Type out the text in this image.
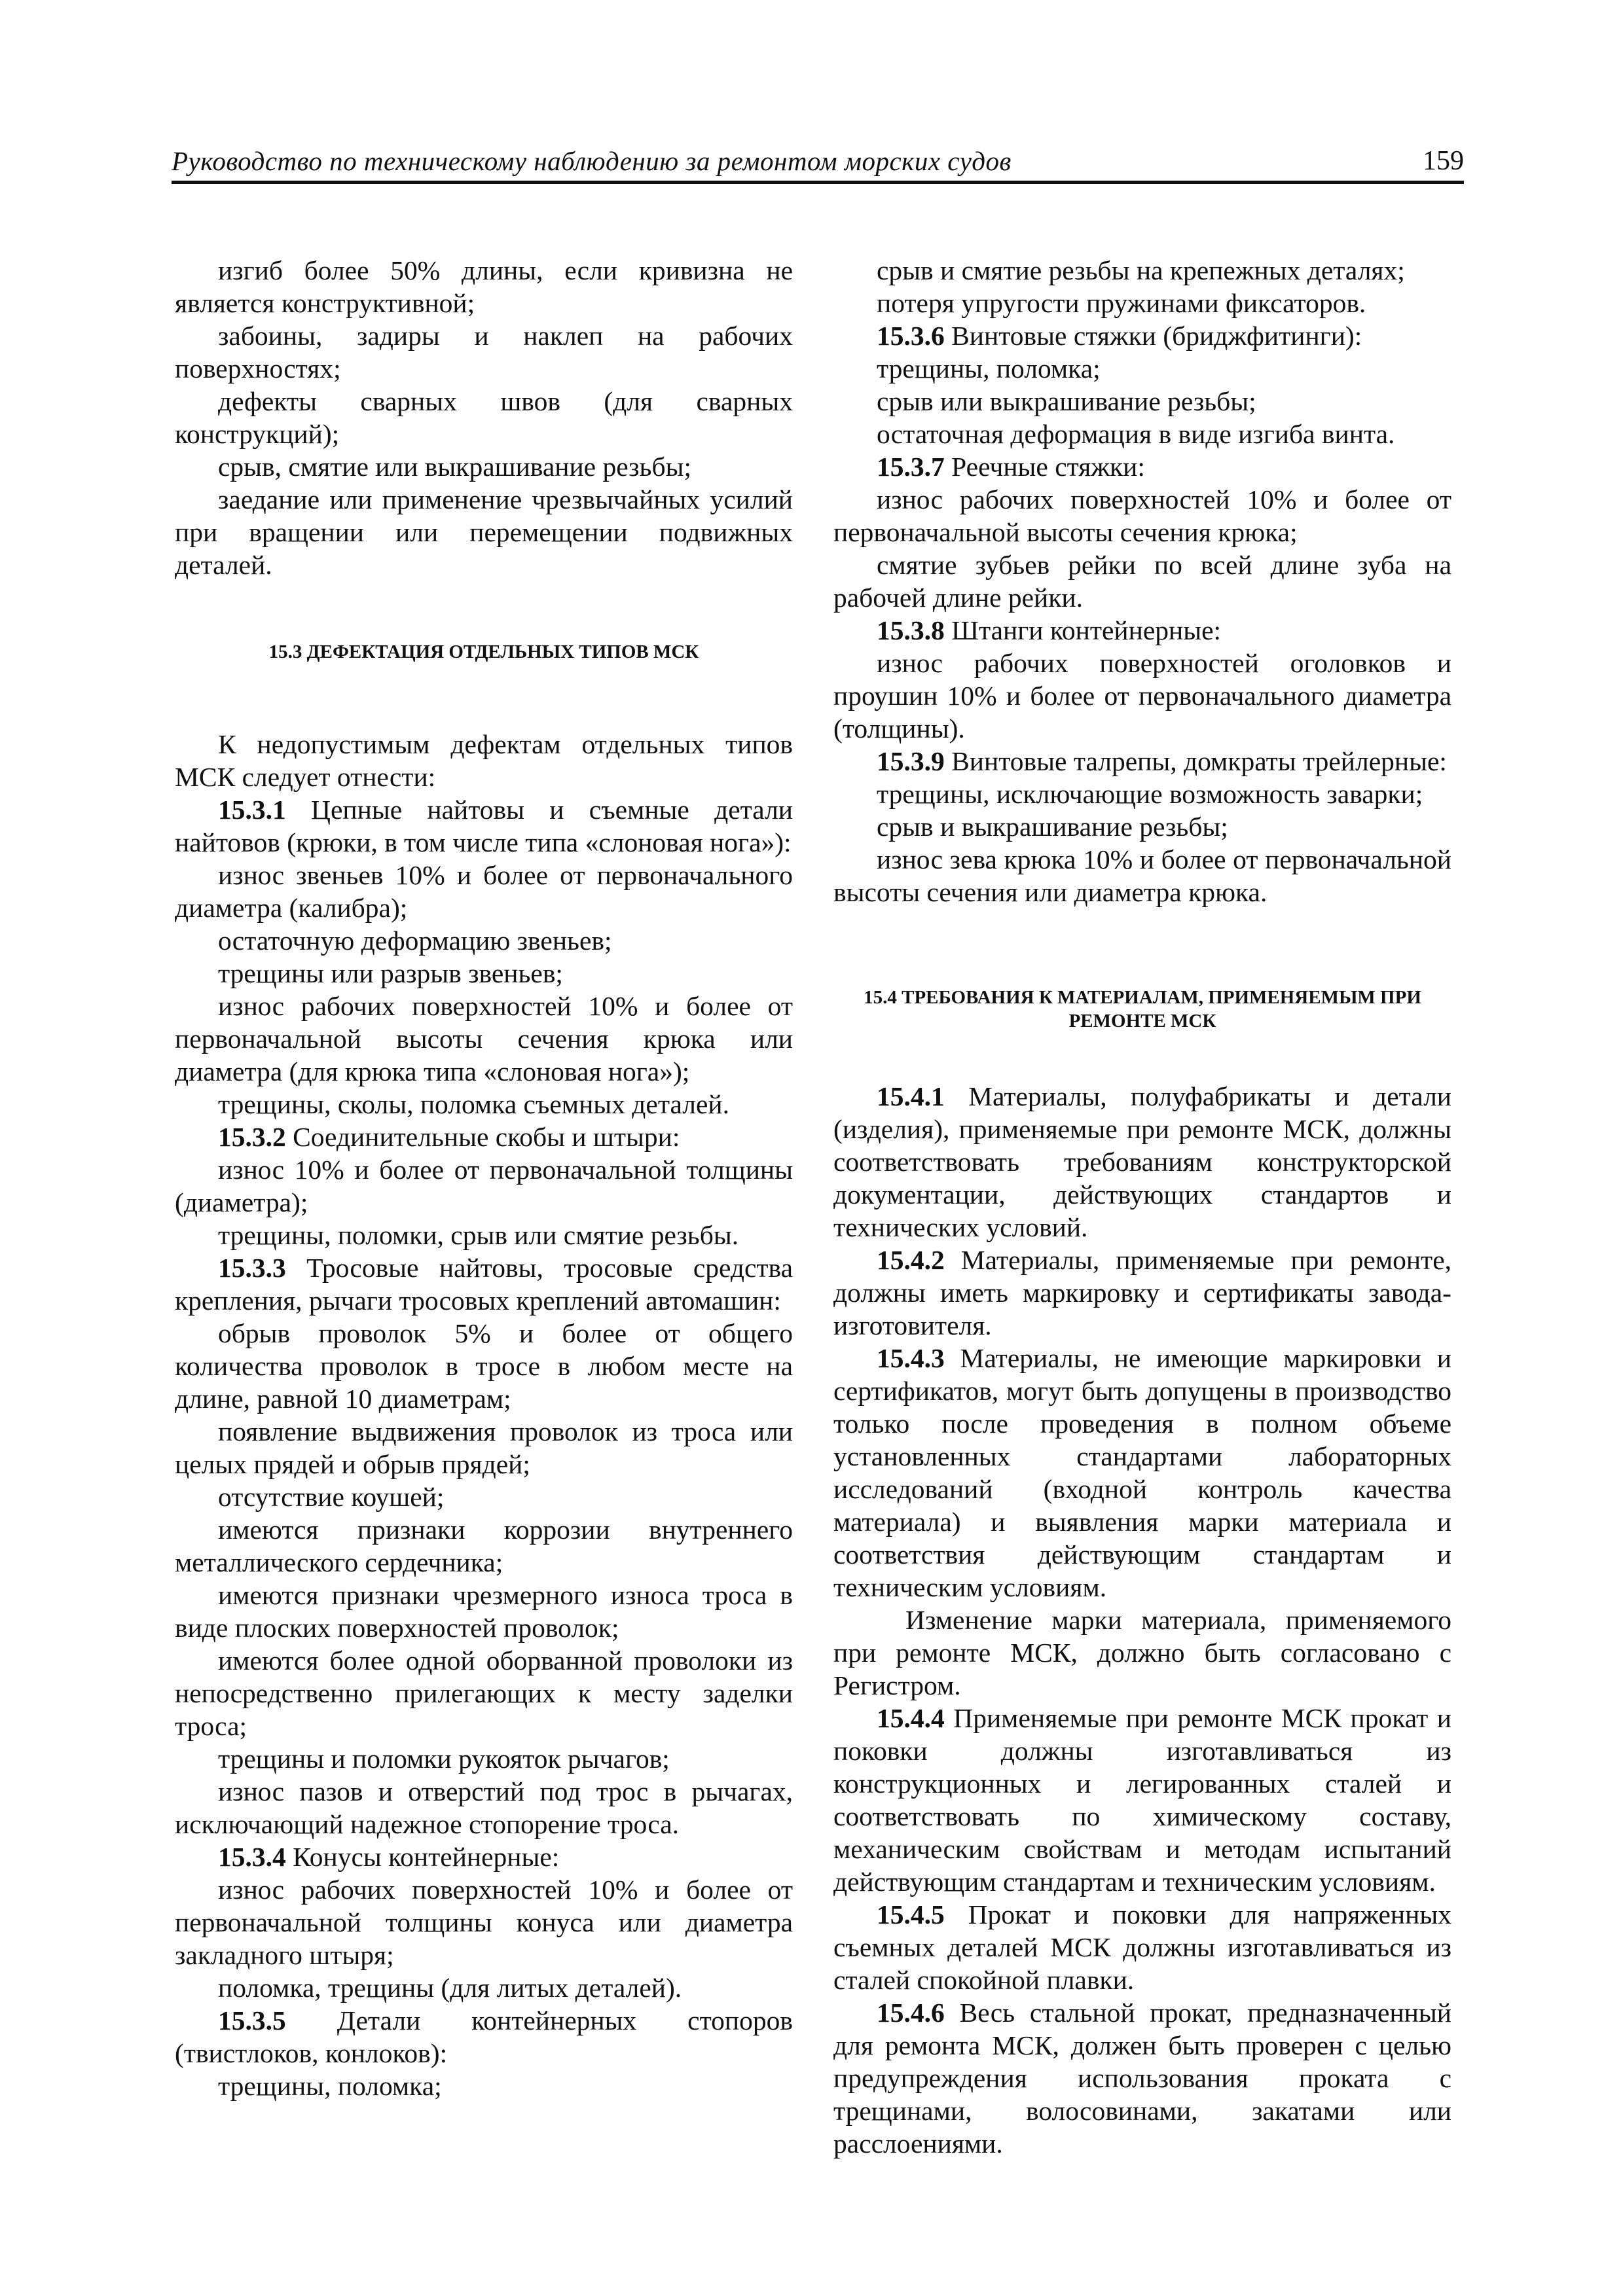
Руководство по техническому наблюдению за ремонтом морских судов	159

изгиб более 50% длины, если кривизна не является конструктивной;

забоины, задиры и наклеп на рабочих поверхностях;

дефекты сварных швов (для сварных конструкций);

срыв, смятие или выкрашивание резьбы;

заедание или применение чрезвычайных усилий при вращении или перемещении подвижных деталей.

15.3 ДЕФЕКТАЦИЯ ОТДЕЛЬНЫХ ТИПОВ МСК

К недопустимым дефектам отдельных типов МСК следует отнести:

15.3.1 Цепные найтовы и съемные детали найтовов (крюки, в том числе типа «слоновая нога»):

износ звеньев 10% и более от первоначального диаметра (калибра);

остаточную деформацию звеньев;

трещины или разрыв звеньев;

износ рабочих поверхностей 10% и более от первоначальной высоты сечения крюка или диаметра (для крюка типа «слоновая нога»);

трещины, сколы, поломка съемных деталей.

15.3.2 Соединительные скобы и штыри:

износ 10% и более от первоначальной толщины (диаметра);

трещины, поломки, срыв или смятие резьбы.

15.3.3 Тросовые найтовы, тросовые средства крепления, рычаги тросовых креплений автомашин:

обрыв проволок 5% и более от общего количества проволок в тросе в любом месте на длине, равной 10 диаметрам;

появление выдвижения проволок из троса или целых прядей и обрыв прядей;

отсутствие коушей;

имеются признаки коррозии внутреннего металлического сердечника;

имеются признаки чрезмерного износа троса в виде плоских поверхностей проволок;

имеются более одной оборванной проволоки из непосредственно прилегающих к месту заделки троса;

трещины и поломки рукояток рычагов;

износ пазов и отверстий под трос в рычагах, исключающий надежное стопорение троса.

15.3.4 Конусы контейнерные:

износ рабочих поверхностей 10% и более от первоначальной толщины конуса или диаметра закладного штыря;

поломка, трещины (для литых деталей).

15.3.5 Детали контейнерных стопоров (твистлоков, конлоков):

трещины, поломка;

срыв и смятие резьбы на крепежных деталях;

потеря упругости пружинами фиксаторов.

15.3.6 Винтовые стяжки (бриджфитинги):

трещины, поломка;

срыв или выкрашивание резьбы;

остаточная деформация в виде изгиба винта.

15.3.7 Реечные стяжки:

износ рабочих поверхностей 10% и более от первоначальной высоты сечения крюка;

смятие зубьев рейки по всей длине зуба на рабочей длине рейки.

15.3.8 Штанги контейнерные:

износ рабочих поверхностей оголовков и проушин 10% и более от первоначального диаметра (толщины).

15.3.9 Винтовые талрепы, домкраты трейлерные:

трещины, исключающие возможность заварки;

срыв и выкрашивание резьбы;

износ зева крюка 10% и более от первоначальной высоты сечения или диаметра крюка.

15.4 ТРЕБОВАНИЯ К МАТЕРИАЛАМ, ПРИМЕНЯЕМЫМ ПРИ РЕМОНТЕ МСК

15.4.1 Материалы, полуфабрикаты и детали (изделия), применяемые при ремонте МСК, должны соответствовать требованиям конструкторской документации, действующих стандартов и технических условий.

15.4.2 Материалы, применяемые при ремонте, должны иметь маркировку и сертификаты завода-изготовителя.

15.4.3 Материалы, не имеющие маркировки и сертификатов, могут быть допущены в производство только после проведения в полном объеме установленных стандартами лабораторных исследований (входной контроль качества материала) и выявления марки материала и соответствия действующим стандартам и техническим условиям.

Изменение марки материала, применяемого при ремонте МСК, должно быть согласовано с Регистром.

15.4.4 Применяемые при ремонте МСК прокат и поковки должны изготавливаться из конструкционных и легированных сталей и соответствовать по химическому составу, механическим свойствам и методам испытаний действующим стандартам и техническим условиям.

15.4.5 Прокат и поковки для напряженных съемных деталей МСК должны изготавливаться из сталей спокойной плавки.

15.4.6 Весь стальной прокат, предназначенный для ремонта МСК, должен быть проверен с целью предупреждения использования проката с трещинами, волосовинами, закатами или расслоениями.
